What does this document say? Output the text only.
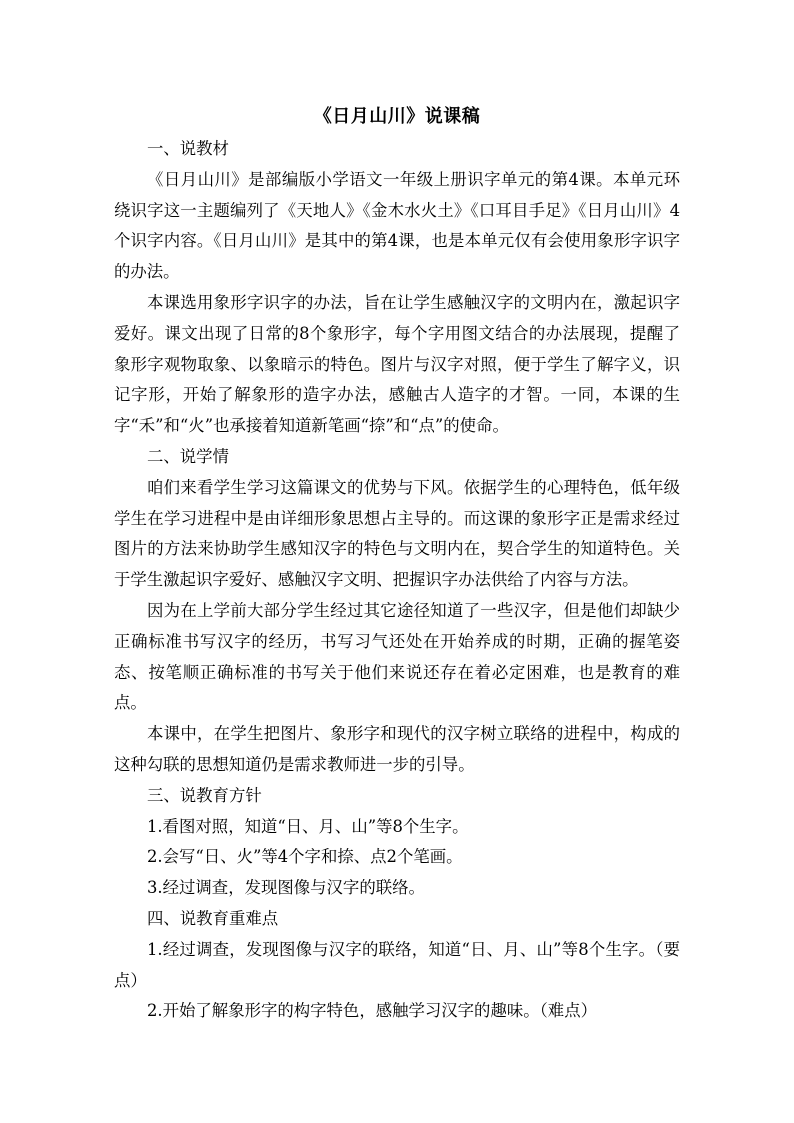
《日月山川》说课稿

一、说教材

《日月山川》是部编版小学语文一年级上册识字单元的第4课。本单元环绕识字这一主题编列了《天地人》《金木水火土》《口耳目手足》《日月山川》4个识字内容。《日月山川》是其中的第4课，也是本单元仅有会使用象形字识字的办法。

本课选用象形字识字的办法，旨在让学生感触汉字的文明内在，激起识字爱好。课文出现了日常的8个象形字，每个字用图文结合的办法展现，提醒了象形字观物取象、以象暗示的特色。图片与汉字对照，便于学生了解字义，识记字形，开始了解象形的造字办法，感触古人造字的才智。一同，本课的生字“禾”和“火”也承接着知道新笔画“捺”和“点”的使命。

二、说学情

咱们来看学生学习这篇课文的优势与下风。依据学生的心理特色，低年级学生在学习进程中是由详细形象思想占主导的。而这课的象形字正是需求经过图片的方法来协助学生感知汉字的特色与文明内在，契合学生的知道特色。关于学生激起识字爱好、感触汉字文明、把握识字办法供给了内容与方法。

因为在上学前大部分学生经过其它途径知道了一些汉字，但是他们却缺少正确标准书写汉字的经历，书写习气还处在开始养成的时期，正确的握笔姿态、按笔顺正确标准的书写关于他们来说还存在着必定困难，也是教育的难点。

本课中，在学生把图片、象形字和现代的汉字树立联络的进程中，构成的这种勾联的思想知道仍是需求教师进一步的引导。

三、说教育方针

1.看图对照，知道“日、月、山”等8个生字。

2.会写“日、火”等4个字和捺、点2个笔画。

3.经过调查，发现图像与汉字的联络。

四、说教育重难点

1.经过调查，发现图像与汉字的联络，知道“日、月、山”等8个生字。（要点）

2.开始了解象形字的构字特色，感触学习汉字的趣味。（难点）
